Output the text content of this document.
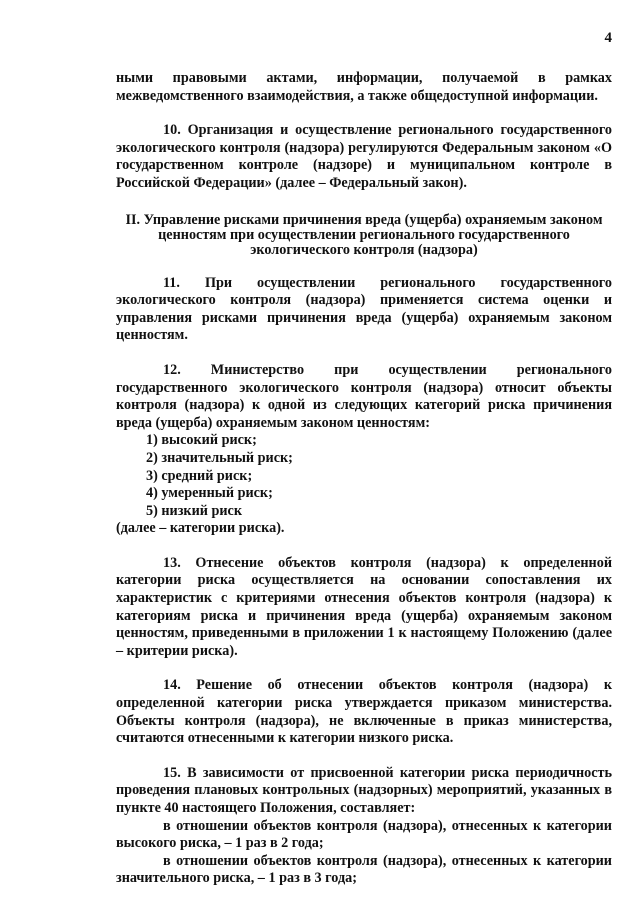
4

ными правовыми актами, информации, получаемой в рамках межведомственного взаимодействия, а также общедоступной информации.

10. Организация и осуществление регионального государственного экологического контроля (надзора) регулируются Федеральным законом «О государственном контроле (надзоре) и муниципальном контроле в Российской Федерации» (далее – Федеральный закон).

II. Управление рисками причинения вреда (ущерба) охраняемым законом ценностям при осуществлении регионального государственного экологического контроля (надзора)

11. При осуществлении регионального государственного экологического контроля (надзора) применяется система оценки и управления рисками причинения вреда (ущерба) охраняемым законом ценностям.

12. Министерство при осуществлении регионального государственного экологического контроля (надзора) относит объекты контроля (надзора) к одной из следующих категорий риска причинения вреда (ущерба) охраняемым законом ценностям:

1) высокий риск;
2) значительный риск;
3) средний риск;
4) умеренный риск;
5) низкий риск

(далее – категории риска).

13. Отнесение объектов контроля (надзора) к определенной категории риска осуществляется на основании сопоставления их характеристик с критериями отнесения объектов контроля (надзора) к категориям риска и причинения вреда (ущерба) охраняемым законом ценностям, приведенными в приложении 1 к настоящему Положению (далее – критерии риска).

14. Решение об отнесении объектов контроля (надзора) к определенной категории риска утверждается приказом министерства. Объекты контроля (надзора), не включенные в приказ министерства, считаются отнесенными к категории низкого риска.

15. В зависимости от присвоенной категории риска периодичность проведения плановых контрольных (надзорных) мероприятий, указанных в пункте 40 настоящего Положения, составляет:

в отношении объектов контроля (надзора), отнесенных к категории высокого риска, – 1 раз в 2 года;

в отношении объектов контроля (надзора), отнесенных к категории значительного риска, – 1 раз в 3 года;
